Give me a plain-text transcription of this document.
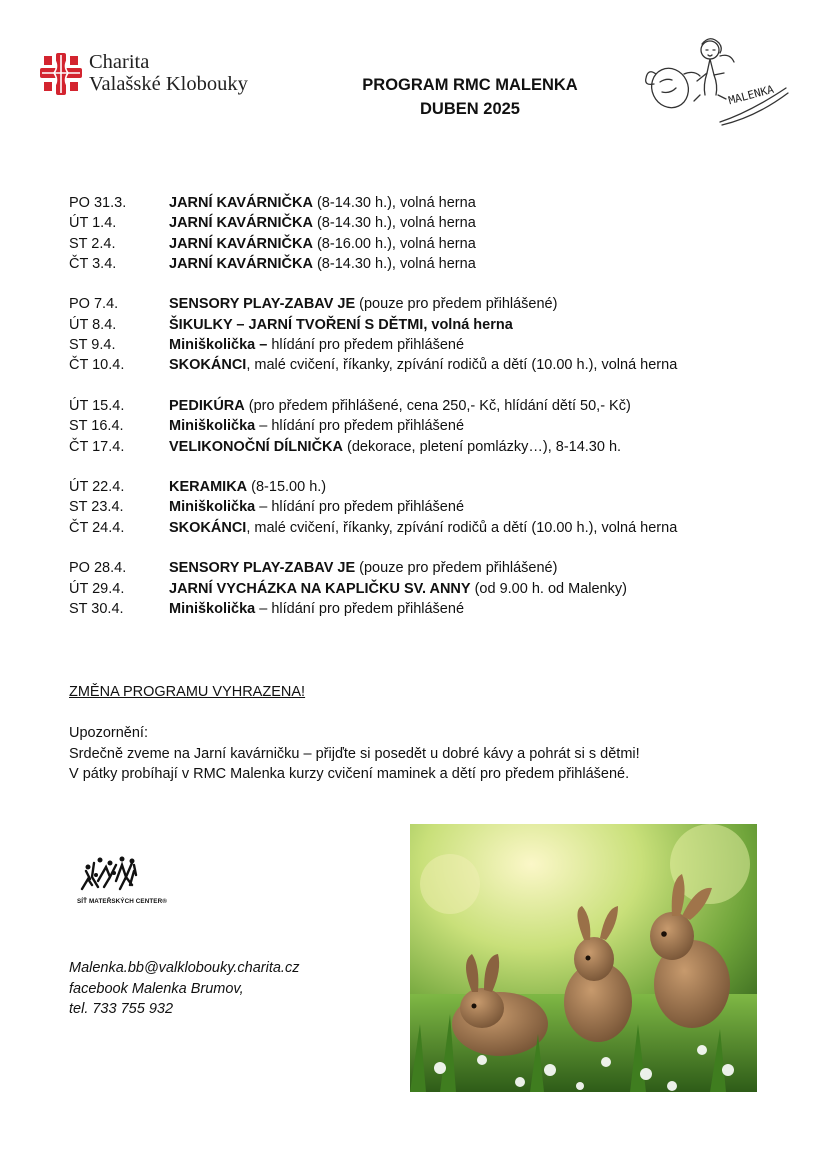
Charita
Valašské Klobouky	PROGRAM RMC MALENKA
DUBEN 2025
MALENKA
PO 31.3.	JARNÍ KAVÁRNIČKA (8-14.30 h.), volná herna
ÚT 1.4.	JARNÍ KAVÁRNIČKA (8-14.30 h.), volná herna
ST 2.4.	JARNÍ KAVÁRNIČKA (8-16.00 h.), volná herna
ČT 3.4.	JARNÍ KAVÁRNIČKA (8-14.30 h.), volná herna
PO 7.4.	SENSORY PLAY-ZABAV JE (pouze pro předem přihlášené)
ÚT 8.4.	ŠIKULKY – JARNÍ TVOŘENÍ S DĚTMI, volná herna
ST 9.4.	Miniškolička – hlídání pro předem přihlášené
ČT 10.4.	SKOKÁNCI, malé cvičení, říkanky, zpívání rodičů a dětí (10.00 h.), volná herna
ÚT 15.4.	PEDIKÚRA (pro předem přihlášené, cena 250,- Kč, hlídání dětí 50,- Kč)
ST 16.4.	Miniškolička – hlídání pro předem přihlášené
ČT 17.4.	VELIKONOČNÍ DÍLNIČKA (dekorace, pletení pomlázky…), 8-14.30 h.
ÚT 22.4.	KERAMIKA (8-15.00 h.)
ST 23.4.	Miniškolička – hlídání pro předem přihlášené
ČT 24.4.	SKOKÁNCI, malé cvičení, říkanky, zpívání rodičů a dětí (10.00 h.), volná herna
PO 28.4.	SENSORY PLAY-ZABAV JE (pouze pro předem přihlášené)
ÚT 29.4.	JARNÍ VYCHÁZKA NA KAPLIČKU SV. ANNY (od 9.00 h. od Malenky)
ST 30.4.	Miniškolička – hlídání pro předem přihlášené
ZMĚNA PROGRAMU VYHRAZENA!
Upozornění:
Srdečně zveme na Jarní kavárničku – přijďte si posedět u dobré kávy a pohrát si s dětmi!
V pátky probíhají v RMC Malenka kurzy cvičení maminek a dětí pro předem přihlášené.
SÍŤ MATEŘSKÝCH CENTER®
Malenka.bb@valklobouky.charita.cz
facebook Malenka Brumov,
tel. 733 755 932
